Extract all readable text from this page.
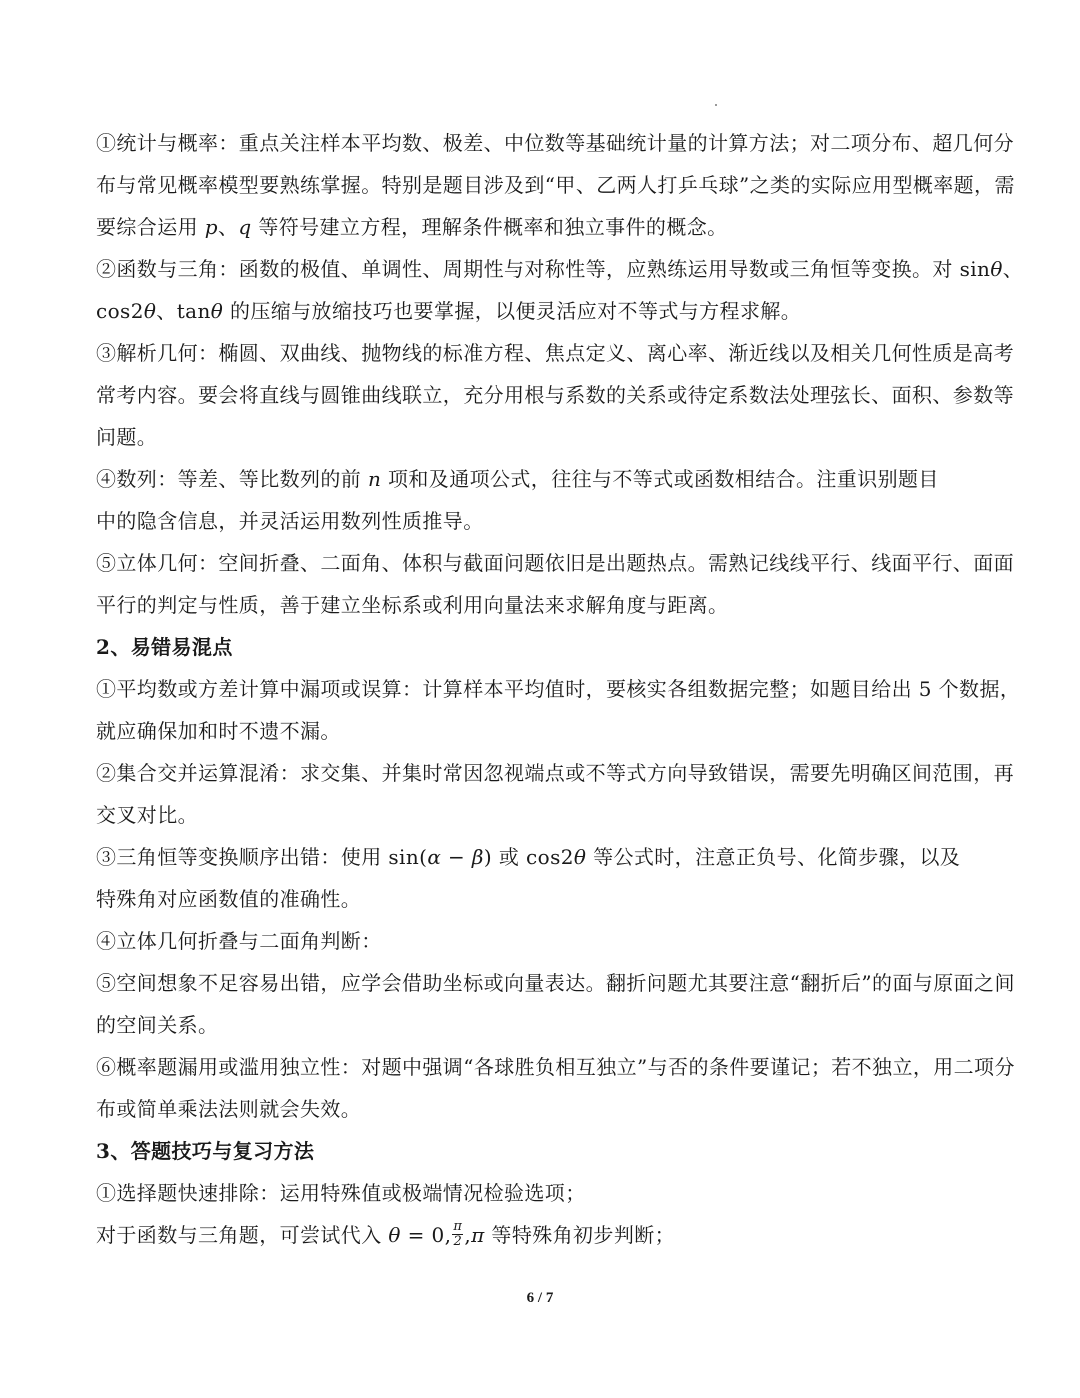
①统计与概率：重点关注样本平均数、极差、中位数等基础统计量的计算方法；对二项分布、超几何分布与常见概率模型要熟练掌握。特别是题目涉及到“甲、乙两人打乒乓球”之类的实际应用型概率题，需要综合运用 p、q 等符号建立方程，理解条件概率和独立事件的概念。

②函数与三角：函数的极值、单调性、周期性与对称性等，应熟练运用导数或三角恒等变换。对 sinθ、cos2θ、tanθ 的压缩与放缩技巧也要掌握，以便灵活应对不等式与方程求解。

③解析几何：椭圆、双曲线、抛物线的标准方程、焦点定义、离心率、渐近线以及相关几何性质是高考常考内容。要会将直线与圆锥曲线联立，充分用根与系数的关系或待定系数法处理弦长、面积、参数等问题。

④数列：等差、等比数列的前 n 项和及通项公式，往往与不等式或函数相结合。注重识别题目
中的隐含信息，并灵活运用数列性质推导。

⑤立体几何：空间折叠、二面角、体积与截面问题依旧是出题热点。需熟记线线平行、线面平行、面面平行的判定与性质，善于建立坐标系或利用向量法来求解角度与距离。

2、易错易混点

①平均数或方差计算中漏项或误算：计算样本平均值时，要核实各组数据完整；如题目给出 5 个数据，就应确保加和时不遗不漏。

②集合交并运算混淆：求交集、并集时常因忽视端点或不等式方向导致错误，需要先明确区间范围，再交叉对比。

③三角恒等变换顺序出错：使用 sin(α − β) 或 cos2θ 等公式时，注意正负号、化简步骤，以及
特殊角对应函数值的准确性。

④立体几何折叠与二面角判断：

⑤空间想象不足容易出错，应学会借助坐标或向量表达。翻折问题尤其要注意“翻折后”的面与原面之间的空间关系。

⑥概率题漏用或滥用独立性：对题中强调“各球胜负相互独立”与否的条件要谨记；若不独立，用二项分布或简单乘法法则就会失效。

3、答题技巧与复习方法

①选择题快速排除：运用特殊值或极端情况检验选项；

对于函数与三角题，可尝试代入 θ = 0, $\frac{\pi}{2} ,\pi$ 等特殊角初步判断；

6 / 7
